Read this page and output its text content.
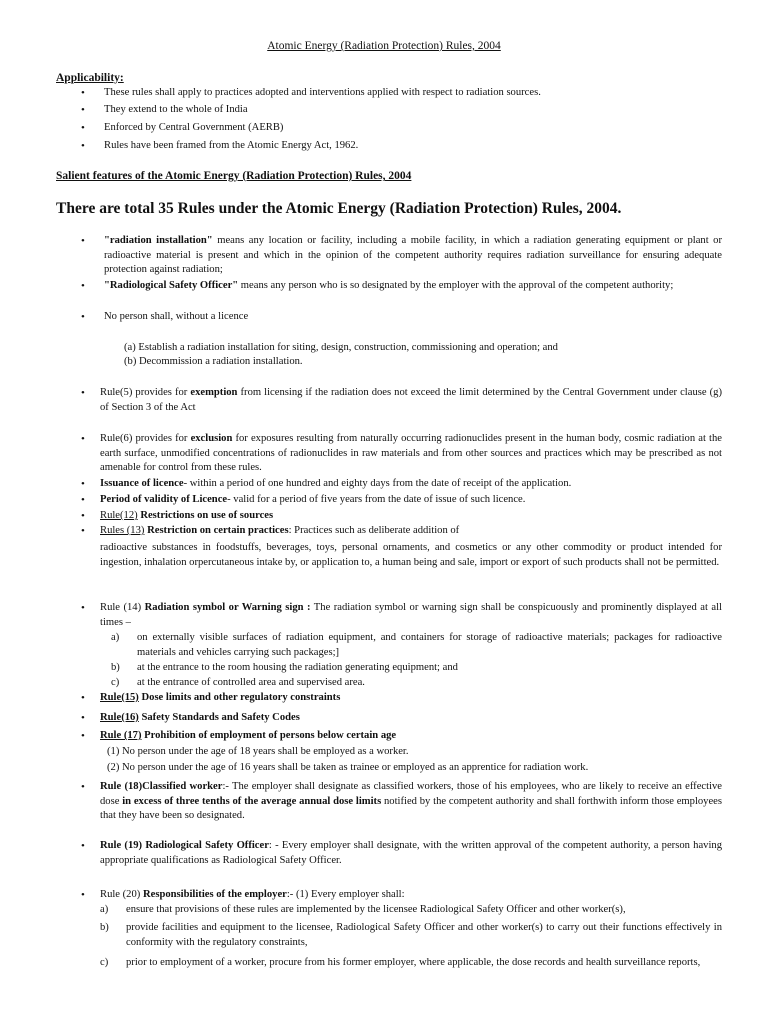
Atomic Energy (Radiation Protection) Rules, 2004
Applicability:
• These rules shall apply to practices adopted and interventions applied with respect to radiation sources.
• They extend to the whole of India
• Enforced by Central Government (AERB)
• Rules have been framed from the Atomic Energy Act, 1962.
Salient features of the Atomic Energy (Radiation Protection) Rules, 2004
There are total 35 Rules under the Atomic Energy (Radiation Protection) Rules, 2004.
• "radiation installation" means any location or facility, including a mobile facility, in which a radiation generating equipment or plant or radioactive material is present and which in the opinion of the competent authority requires radiation surveillance for ensuring adequate protection against radiation;
• "Radiological Safety Officer" means any person who is so designated by the employer with the approval of the competent authority;
• No person shall, without a licence
(a) Establish a radiation installation for siting, design, construction, commissioning and operation; and
(b) Decommission a radiation installation.
• Rule(5) provides for exemption from licensing if the radiation does not exceed the limit determined by the Central Government under clause (g) of Section 3 of the Act
• Rule(6) provides for exclusion for exposures resulting from naturally occurring radionuclides present in the human body, cosmic radiation at the earth surface, unmodified concentrations of radionuclides in raw materials and from other sources and practices which may be prescribed as not amenable for control from these rules.
• Issuance of licence- within a period of one hundred and eighty days from the date of receipt of the application.
• Period of validity of Licence- valid for a period of five years from the date of issue of such licence.
• Rule(12) Restrictions on use of sources
• Rules (13) Restriction on certain practices: Practices such as deliberate addition of
radioactive substances in foodstuffs, beverages, toys, personal ornaments, and cosmetics or any other commodity or product intended for ingestion, inhalation orpercutaneous intake by, or application to, a human being and sale, import or export of such products shall not be permitted.
• Rule (14) Radiation symbol or Warning sign : The radiation symbol or warning sign shall be conspicuously and prominently displayed at all times –
a) on externally visible surfaces of radiation equipment, and containers for storage of radioactive materials; packages for radioactive materials and vehicles carrying such packages;]
b) at the entrance to the room housing the radiation generating equipment; and
c) at the entrance of controlled area and supervised area.
• Rule(15) Dose limits and other regulatory constraints
• Rule(16) Safety Standards and Safety Codes
• Rule (17) Prohibition of employment of persons below certain age
(1) No person under the age of 18 years shall be employed as a worker.
(2) No person under the age of 16 years shall be taken as trainee or employed as an apprentice for radiation work.
• Rule (18)Classified worker:- The employer shall designate as classified workers, those of his employees, who are likely to receive an effective dose in excess of three tenths of the average annual dose limits notified by the competent authority and shall forthwith inform those employees that they have been so designated.
• Rule (19) Radiological Safety Officer: - Every employer shall designate, with the written approval of the competent authority, a person having appropriate qualifications as Radiological Safety Officer.
• Rule (20) Responsibilities of the employer:- (1) Every employer shall:
a) ensure that provisions of these rules are implemented by the licensee Radiological Safety Officer and other worker(s),
b) provide facilities and equipment to the licensee, Radiological Safety Officer and other worker(s) to carry out their functions effectively in conformity with the regulatory constraints,
c) prior to employment of a worker, procure from his former employer, where applicable, the dose records and health surveillance reports,
